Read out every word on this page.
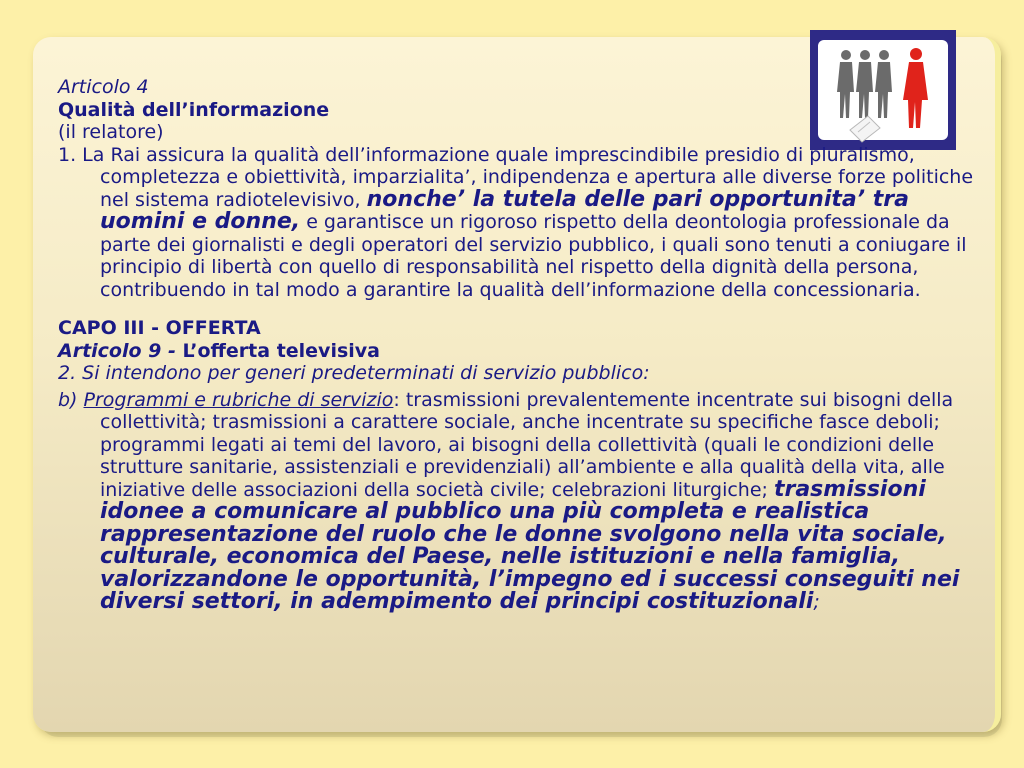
Articolo 4

Qualità dell’informazione

(il relatore)

1. La Rai assicura la qualità dell’informazione quale imprescindibile presidio di pluralismo, completezza e obiettività, imparzialita’, indipendenza e apertura alle diverse forze politiche nel sistema radiotelevisivo, nonche’ la tutela delle pari opportunita’ tra uomini e donne, e garantisce un rigoroso rispetto della deontologia professionale da parte dei giornalisti e degli operatori del servizio pubblico, i quali sono tenuti a coniugare il principio di libertà con quello di responsabilità nel rispetto della dignità della persona, contribuendo in tal modo a garantire la qualità dell’informazione della concessionaria.

CAPO III - OFFERTA

Articolo 9 - L’offerta televisiva

2. Si intendono per generi predeterminati di servizio pubblico:

b) Programmi e rubriche di servizio: trasmissioni prevalentemente incentrate sui bisogni della collettività; trasmissioni a carattere sociale, anche incentrate su specifiche fasce deboli; programmi legati ai temi del lavoro, ai bisogni della collettività (quali le condizioni delle strutture sanitarie, assistenziali e previdenziali) all’ambiente e alla qualità della vita, alle iniziative delle associazioni della società civile; celebrazioni liturgiche; trasmissioni idonee a comunicare al pubblico una più completa e realistica rappresentazione del ruolo che le donne svolgono nella vita sociale, culturale, economica del Paese, nelle istituzioni e nella famiglia, valorizzandone le opportunità, l’impegno ed i successi conseguiti nei diversi settori, in adempimento dei principi costituzionali;
